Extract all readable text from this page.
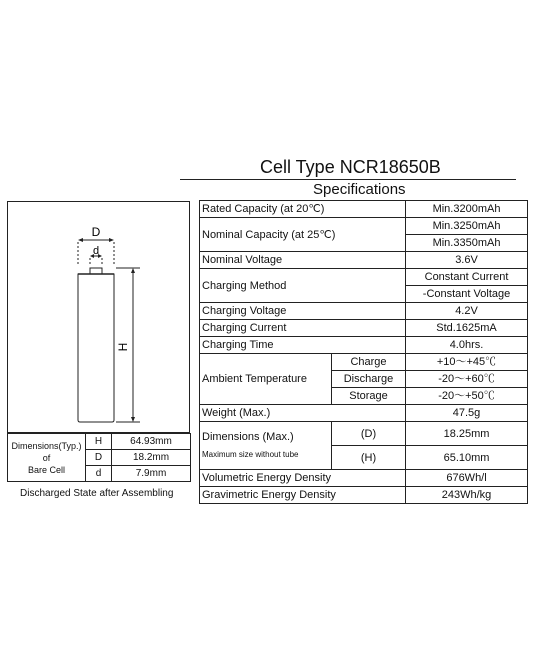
Cell Type NCR18650B
Specifications
Rated Capacity (at 20℃)		Min.3200mAh
Nominal Capacity (at 25℃)		Min.3250mAh
		Min.3350mAh
Nominal Voltage		3.6V
Charging Method		Constant Current
		-Constant Voltage
Charging Voltage		4.2V
Charging Current		Std.1625mA
Charging Time		4.0hrs.
Ambient Temperature	Charge	+10～+45℃
	Discharge	-20～+60℃
	Storage	-20～+50℃
Weight (Max.)		47.5g

Dimensions (Max.)
Maximum size without tube	(D)	18.25mm
	(H)	65.10mm
Volumetric Energy Density		676Wh/l
Gravimetric Energy Density		243Wh/kg
D
d
H
Dimensions(Typ.)
of
Bare Cell	H	64.93mm
	D	18.2mm
	d	7.9mm
Discharged State after Assembling
